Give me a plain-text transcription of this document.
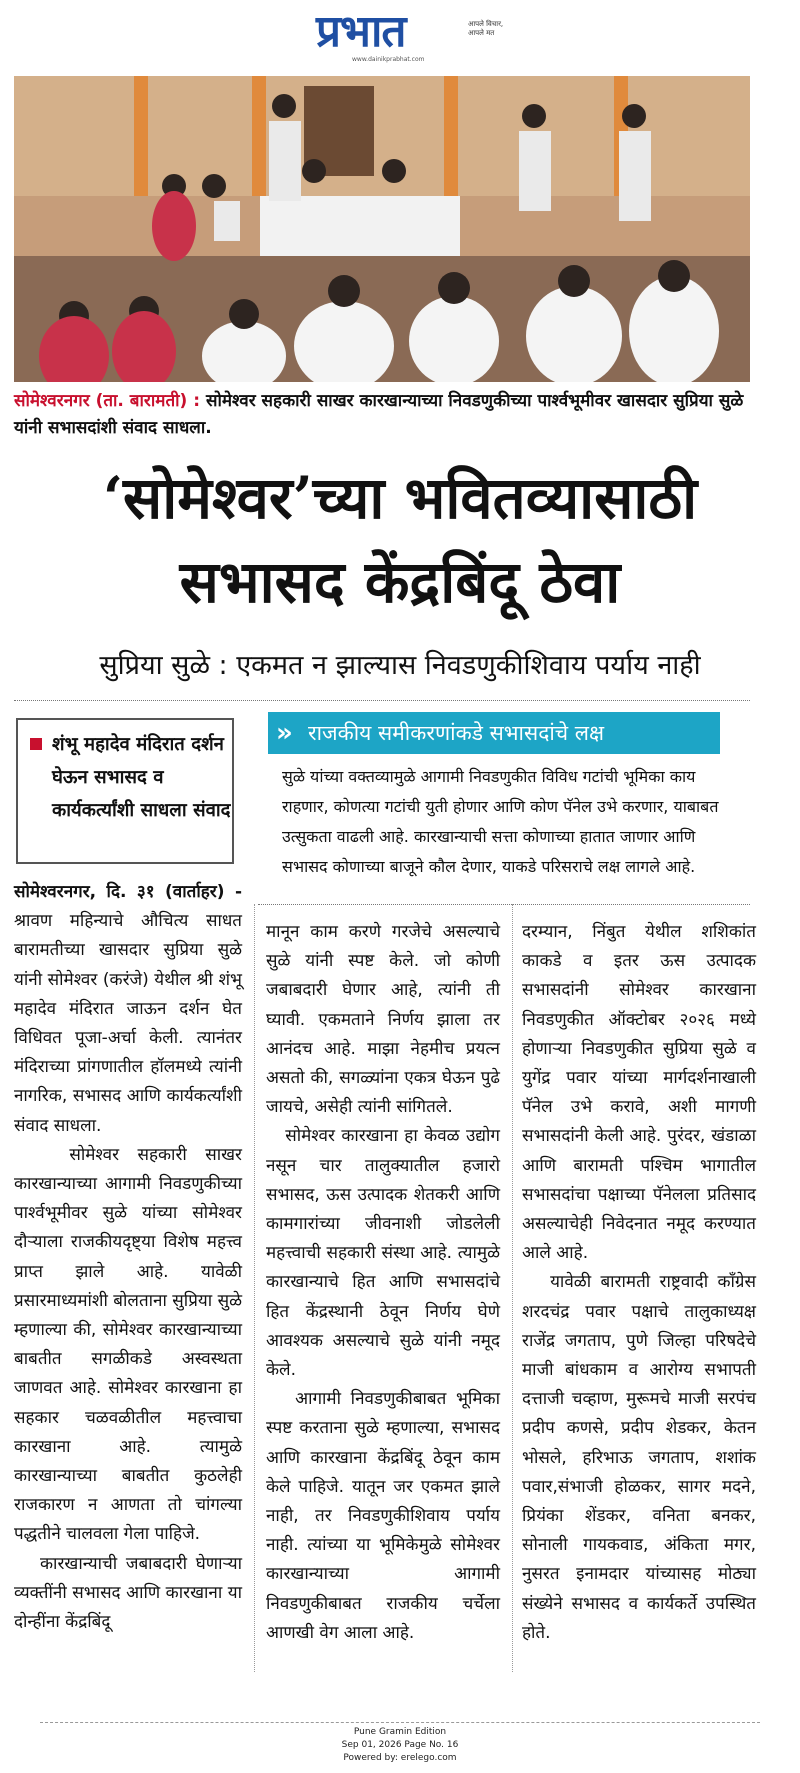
प्रभात	आपले विचार, आपले मत
www.dainikprabhat.com
सोमेश्वरनगर (ता. बारामती) : सोमेश्वर सहकारी साखर कारखान्याच्या निवडणुकीच्या पार्श्वभूमीवर खासदार सुप्रिया सुळे यांनी सभासदांशी संवाद साधला.
‘सोमेश्वर’च्या भवितव्यासाठी
सभासद केंद्रबिंदू ठेवा
सुप्रिया सुळे : एकमत न झाल्यास निवडणुकीशिवाय पर्याय नाही
शंभू महादेव मंदिरात दर्शन घेऊन सभासद व कार्यकर्त्यांशी साधला संवाद
» राजकीय समीकरणांकडे सभासदांचे लक्ष
सुळे यांच्या वक्तव्यामुळे आगामी निवडणुकीत विविध गटांची भूमिका काय राहणार, कोणत्या गटांची युती होणार आणि कोण पॅनेल उभे करणार, याबाबत उत्सुकता वाढली आहे. कारखान्याची सत्ता कोणाच्या हातात जाणार आणि सभासद कोणाच्या बाजूने कौल देणार, याकडे परिसराचे लक्ष लागले आहे.

सोमेश्वरनगर, दि. ३१ (वार्ताहर) - श्रावण महिन्याचे औचित्य साधत बारामतीच्या खासदार सुप्रिया सुळे यांनी सोमेश्वर (करंजे) येथील श्री शंभू महादेव मंदिरात जाऊन दर्शन घेत विधिवत पूजा-अर्चा केली. त्यानंतर मंदिराच्या प्रांगणातील हॉलमध्ये त्यांनी नागरिक, सभासद आणि कार्यकर्त्यांशी संवाद साधला.

सोमेश्वर सहकारी साखर कारखान्याच्या आगामी निवडणुकीच्या पार्श्वभूमीवर सुळे यांच्या सोमेश्वर दौऱ्याला राजकीयदृष्ट्या विशेष महत्त्व प्राप्त झाले आहे. यावेळी प्रसारमाध्यमांशी बोलताना सुप्रिया सुळे म्हणाल्या की, सोमेश्वर कारखान्याच्या बाबतीत सगळीकडे अस्वस्थता जाणवत आहे. सोमेश्वर कारखाना हा सहकार चळवळीतील महत्त्वाचा कारखाना आहे. त्यामुळे कारखान्याच्या बाबतीत कुठलेही राजकारण न आणता तो चांगल्या पद्धतीने चालवला गेला पाहिजे.

कारखान्याची जबाबदारी घेणाऱ्या व्यक्तींनी सभासद आणि कारखाना या दोन्हींना केंद्रबिंदू

मानून काम करणे गरजेचे असल्याचे सुळे यांनी स्पष्ट केले. जो कोणी जबाबदारी घेणार आहे, त्यांनी ती घ्यावी. एकमताने निर्णय झाला तर आनंदच आहे. माझा नेहमीच प्रयत्न असतो की, सगळ्यांना एकत्र घेऊन पुढे जायचे, असेही त्यांनी सांगितले.

सोमेश्वर कारखाना हा केवळ उद्योग नसून चार तालुक्यातील हजारो सभासद, ऊस उत्पादक शेतकरी आणि कामगारांच्या जीवनाशी जोडलेली महत्त्वाची सहकारी संस्था आहे. त्यामुळे कारखान्याचे हित आणि सभासदांचे हित केंद्रस्थानी ठेवून निर्णय घेणे आवश्यक असल्याचे सुळे यांनी नमूद केले.

आगामी निवडणुकीबाबत भूमिका स्पष्ट करताना सुळे म्हणाल्या, सभासद आणि कारखाना केंद्रबिंदू ठेवून काम केले पाहिजे. यातून जर एकमत झाले नाही, तर निवडणुकीशिवाय पर्याय नाही. त्यांच्या या भूमिकेमुळे सोमेश्वर कारखान्याच्या आगामी निवडणुकीबाबत राजकीय चर्चेला आणखी वेग आला आहे.

दरम्यान, निंबुत येथील शशिकांत काकडे व इतर ऊस उत्पादक सभासदांनी सोमेश्वर कारखाना निवडणुकीत ऑक्टोबर २०२६ मध्ये होणाऱ्या निवडणुकीत सुप्रिया सुळे व युगेंद्र पवार यांच्या मार्गदर्शनाखाली पॅनेल उभे करावे, अशी मागणी सभासदांनी केली आहे. पुरंदर, खंडाळा आणि बारामती पश्चिम भागातील सभासदांचा पक्षाच्या पॅनेलला प्रतिसाद असल्याचेही निवेदनात नमूद करण्यात आले आहे.

यावेळी बारामती राष्ट्रवादी काँग्रेस शरदचंद्र पवार पक्षाचे तालुकाध्यक्ष राजेंद्र जगताप, पुणे जिल्हा परिषदेचे माजी बांधकाम व आरोग्य सभापती दत्ताजी चव्हाण, मुरूमचे माजी सरपंच प्रदीप कणसे, प्रदीप शेडकर, केतन भोसले, हरिभाऊ जगताप, शशांक पवार,संभाजी होळकर, सागर मदने, प्रियंका शेंडकर, वनिता बनकर, सोनाली गायकवाड, अंकिता मगर, नुसरत इनामदार यांच्यासह मोठ्या संख्येने सभासद व कार्यकर्ते उपस्थित होते.

Pune Gramin Edition
Sep 01, 2026 Page No. 16
Powered by: erelego.com
